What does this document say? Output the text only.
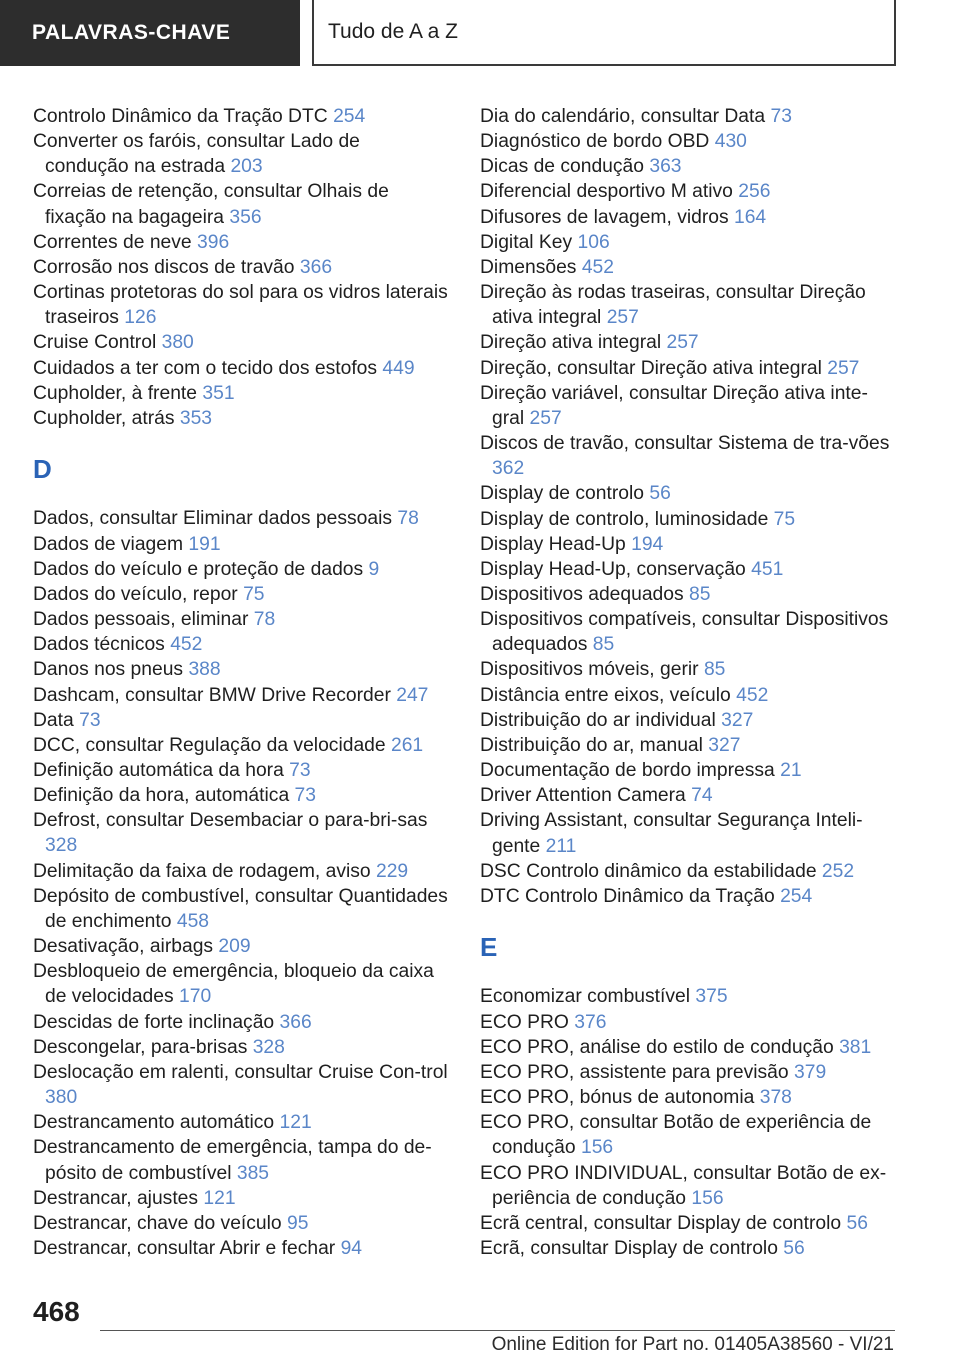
PALAVRAS-CHAVE	Tudo de A a Z
Controlo Dinâmico da Tração DTC 254
Converter os faróis, consultar Lado de condução na estrada 203
Correias de retenção, consultar Olhais de fixação na bagageira 356
Correntes de neve 396
Corrosão nos discos de travão 366
Cortinas protetoras do sol para os vidros laterais traseiros 126
Cruise Control 380
Cuidados a ter com o tecido dos estofos 449
Cupholder, à frente 351
Cupholder, atrás 353
D
Dados, consultar Eliminar dados pessoais 78
Dados de viagem 191
Dados do veículo e proteção de dados 9
Dados do veículo, repor 75
Dados pessoais, eliminar 78
Dados técnicos 452
Danos nos pneus 388
Dashcam, consultar BMW Drive Recorder 247
Data 73
DCC, consultar Regulação da velocidade 261
Definição automática da hora 73
Definição da hora, automática 73
Defrost, consultar Desembaciar o para-bri-sas 328
Delimitação da faixa de rodagem, aviso 229
Depósito de combustível, consultar Quantidades de enchimento 458
Desativação, airbags 209
Desbloqueio de emergência, bloqueio da caixa de velocidades 170
Descidas de forte inclinação 366
Descongelar, para-brisas 328
Deslocação em ralenti, consultar Cruise Con-trol 380
Destrancamento automático 121
Destrancamento de emergência, tampa do de-pósito de combustível 385
Destrancar, ajustes 121
Destrancar, chave do veículo 95
Destrancar, consultar Abrir e fechar 94
Dia do calendário, consultar Data 73
Diagnóstico de bordo OBD 430
Dicas de condução 363
Diferencial desportivo M ativo 256
Difusores de lavagem, vidros 164
Digital Key 106
Dimensões 452
Direção às rodas traseiras, consultar Direção ativa integral 257
Direção ativa integral 257
Direção, consultar Direção ativa integral 257
Direção variável, consultar Direção ativa inte-gral 257
Discos de travão, consultar Sistema de tra-vões 362
Display de controlo 56
Display de controlo, luminosidade 75
Display Head-Up 194
Display Head-Up, conservação 451
Dispositivos adequados 85
Dispositivos compatíveis, consultar Dispositivos adequados 85
Dispositivos móveis, gerir 85
Distância entre eixos, veículo 452
Distribuição do ar individual 327
Distribuição do ar, manual 327
Documentação de bordo impressa 21
Driver Attention Camera 74
Driving Assistant, consultar Segurança Inteli-gente 211
DSC Controlo dinâmico da estabilidade 252
DTC Controlo Dinâmico da Tração 254
E
Economizar combustível 375
ECO PRO 376
ECO PRO, análise do estilo de condução 381
ECO PRO, assistente para previsão 379
ECO PRO, bónus de autonomia 378
ECO PRO, consultar Botão de experiência de condução 156
ECO PRO INDIVIDUAL, consultar Botão de ex-periência de condução 156
Ecrã central, consultar Display de controlo 56
Ecrã, consultar Display de controlo 56
468
Online Edition for Part no. 01405A38560 - VI/21
